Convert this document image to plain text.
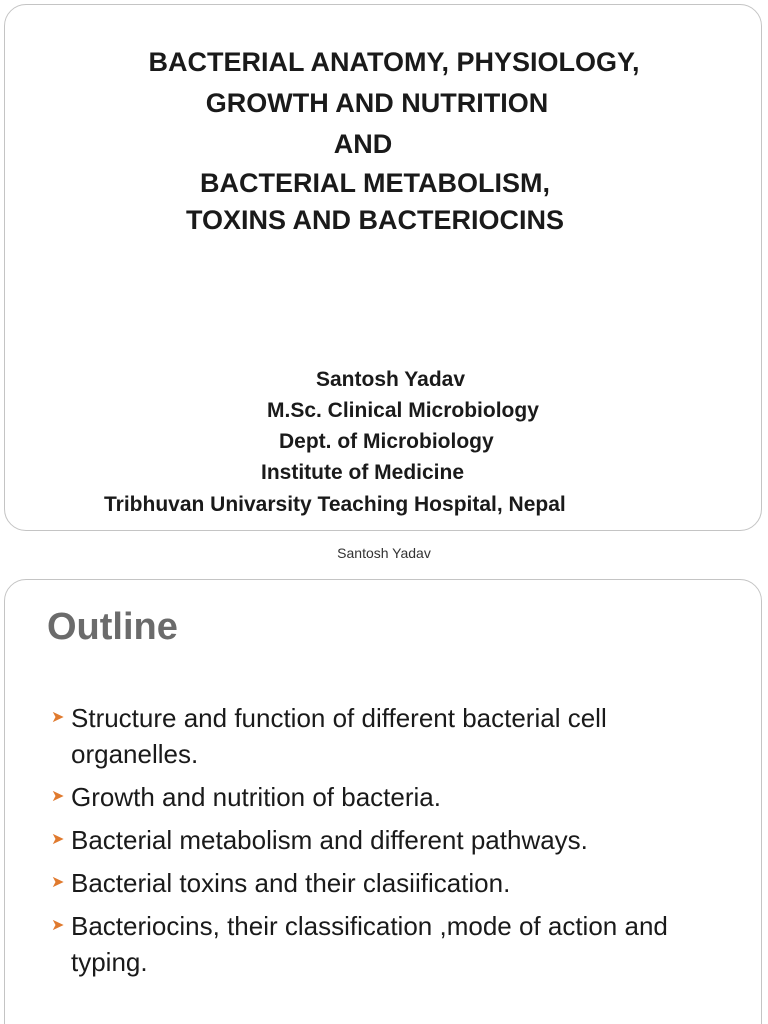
BACTERIAL ANATOMY, PHYSIOLOGY,
GROWTH AND NUTRITION
AND
BACTERIAL METABOLISM,
TOXINS AND BACTERIOCINS
Santosh Yadav
M.Sc. Clinical Microbiology
Dept. of Microbiology
Institute of Medicine
Tribhuvan Univarsity Teaching Hospital, Nepal
Santosh Yadav
Outline
➤ Structure and function of different bacterial cell organelles.
➤ Growth and nutrition of bacteria.
➤ Bacterial metabolism and different pathways.
➤ Bacterial toxins and their clasiification.
➤ Bacteriocins, their classification ,mode of action and typing.
